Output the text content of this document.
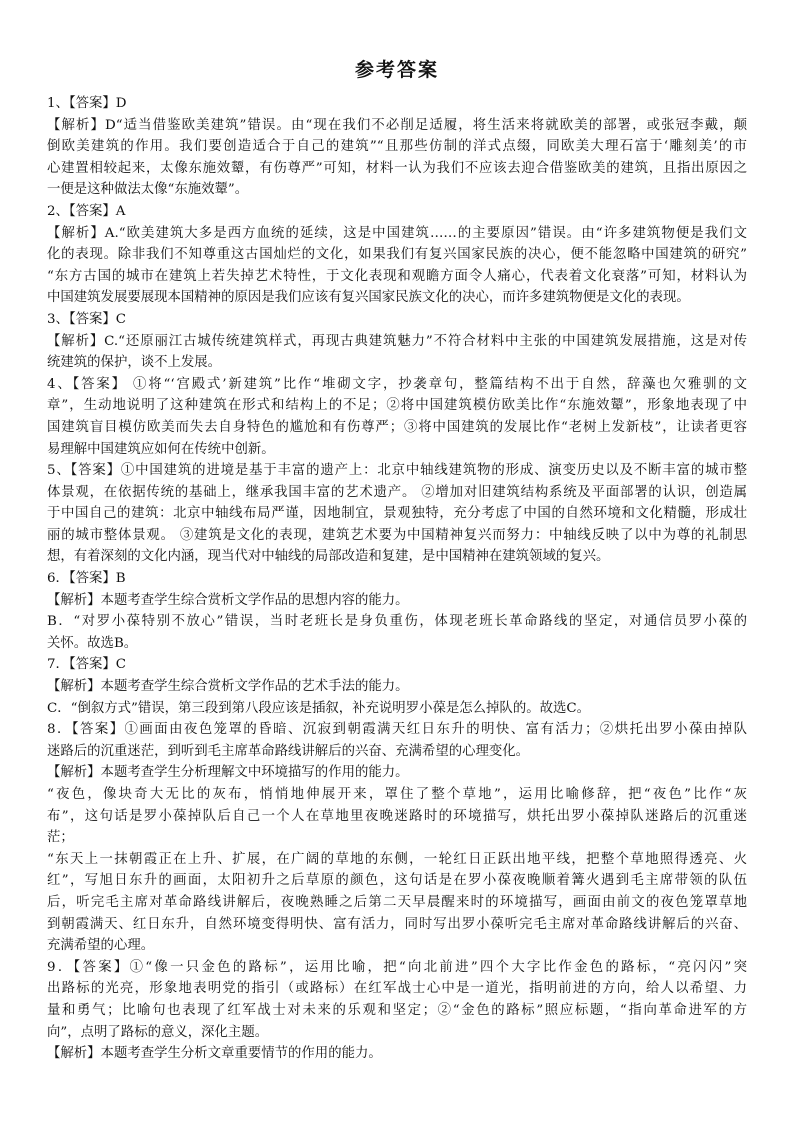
参考答案
1、【答案】D
【解析】D“适当借鉴欧美建筑”错误。由“现在我们不必削足适履，将生活来将就欧美的部署，或张冠李戴，颠
倒欧美建筑的作用。我们要创造适合于自己的建筑”“且那些仿制的洋式点缀，同欧美大理石富于‘雕刻美’的市
心建置相较起来，太像东施效颦，有伤尊严”可知，材料一认为我们不应该去迎合借鉴欧美的建筑，且指出原因之
一便是这种做法太像“东施效颦”。
2、【答案】A
【解析】A.“欧美建筑大多是西方血统的延续，这是中国建筑……的主要原因”错误。由“许多建筑物便是我们文
化的表现。除非我们不知尊重这古国灿烂的文化，如果我们有复兴国家民族的决心，便不能忽略中国建筑的研究”
“东方古国的城市在建筑上若失掉艺术特性，于文化表现和观瞻方面令人痛心，代表着文化衰落”可知，材料认为
中国建筑发展要展现本国精神的原因是我们应该有复兴国家民族文化的决心，而许多建筑物便是文化的表现。
3、【答案】C
【解析】C.“还原丽江古城传统建筑样式，再现古典建筑魅力”不符合材料中主张的中国建筑发展措施，这是对传
统建筑的保护，谈不上发展。
4、【答案】 ①将“‘宫殿式’新建筑”比作“堆砌文字，抄袭章句，整篇结构不出于自然，辞藻也欠雅驯的文
章”，生动地说明了这种建筑在形式和结构上的不足；②将中国建筑模仿欧美比作“东施效颦”，形象地表现了中
国建筑盲目模仿欧美而失去自身特色的尴尬和有伤尊严；③将中国建筑的发展比作“老树上发新枝”，让读者更容
易理解中国建筑应如何在传统中创新。
5、【答案】①中国建筑的进境是基于丰富的遗产上：北京中轴线建筑物的形成、演变历史以及不断丰富的城市整
体景观，在依据传统的基础上，继承我国丰富的艺术遗产。 ②增加对旧建筑结构系统及平面部署的认识，创造属
于中国自己的建筑：北京中轴线布局严谨，因地制宜，景观独特，充分考虑了中国的自然环境和文化精髓，形成壮
丽的城市整体景观。 ③建筑是文化的表现，建筑艺术要为中国精神复兴而努力：中轴线反映了以中为尊的礼制思
想，有着深刻的文化内涵，现当代对中轴线的局部改造和复建，是中国精神在建筑领域的复兴。
6．【答案】B
【解析】本题考查学生综合赏析文学作品的思想内容的能力。
B．“对罗小葆特别不放心”错误，当时老班长是身负重伤，体现老班长革命路线的坚定，对通信员罗小葆的
关怀。故选B。
7．【答案】C
【解析】本题考查学生综合赏析文学作品的艺术手法的能力。
C．“倒叙方式”错误，第三段到第八段应该是插叙，补充说明罗小葆是怎么掉队的。故选C。
8．【答案】①画面由夜色笼罩的昏暗、沉寂到朝霞满天红日东升的明快、富有活力；②烘托出罗小葆由掉队
迷路后的沉重迷茫，到听到毛主席革命路线讲解后的兴奋、充满希望的心理变化。
【解析】本题考查学生分析理解文中环境描写的作用的能力。
“夜色，像块奇大无比的灰布，悄悄地伸展开来，罩住了整个草地”，运用比喻修辞，把“夜色”比作“灰
布”，这句话是罗小葆掉队后自己一个人在草地里夜晚迷路时的环境描写，烘托出罗小葆掉队迷路后的沉重迷
茫；
“东天上一抹朝霞正在上升、扩展，在广阔的草地的东侧，一轮红日正跃出地平线，把整个草地照得透亮、火
红”，写旭日东升的画面，太阳初升之后草原的颜色，这句话是在罗小葆夜晚顺着篝火遇到毛主席带领的队伍
后，听完毛主席对革命路线讲解后，夜晚熟睡之后第二天早晨醒来时的环境描写，画面由前文的夜色笼罩草地
到朝霞满天、红日东升，自然环境变得明快、富有活力，同时写出罗小葆听完毛主席对革命路线讲解后的兴奋、
充满希望的心理。
9．【答案】①“像一只金色的路标”，运用比喻，把“向北前进”四个大字比作金色的路标，“亮闪闪”突
出路标的光亮，形象地表明党的指引（或路标）在红军战士心中是一道光，指明前进的方向，给人以希望、力
量和勇气；比喻句也表现了红军战士对未来的乐观和坚定；②“金色的路标”照应标题，“指向革命进军的方
向”，点明了路标的意义，深化主题。
【解析】本题考查学生分析文章重要情节的作用的能力。
